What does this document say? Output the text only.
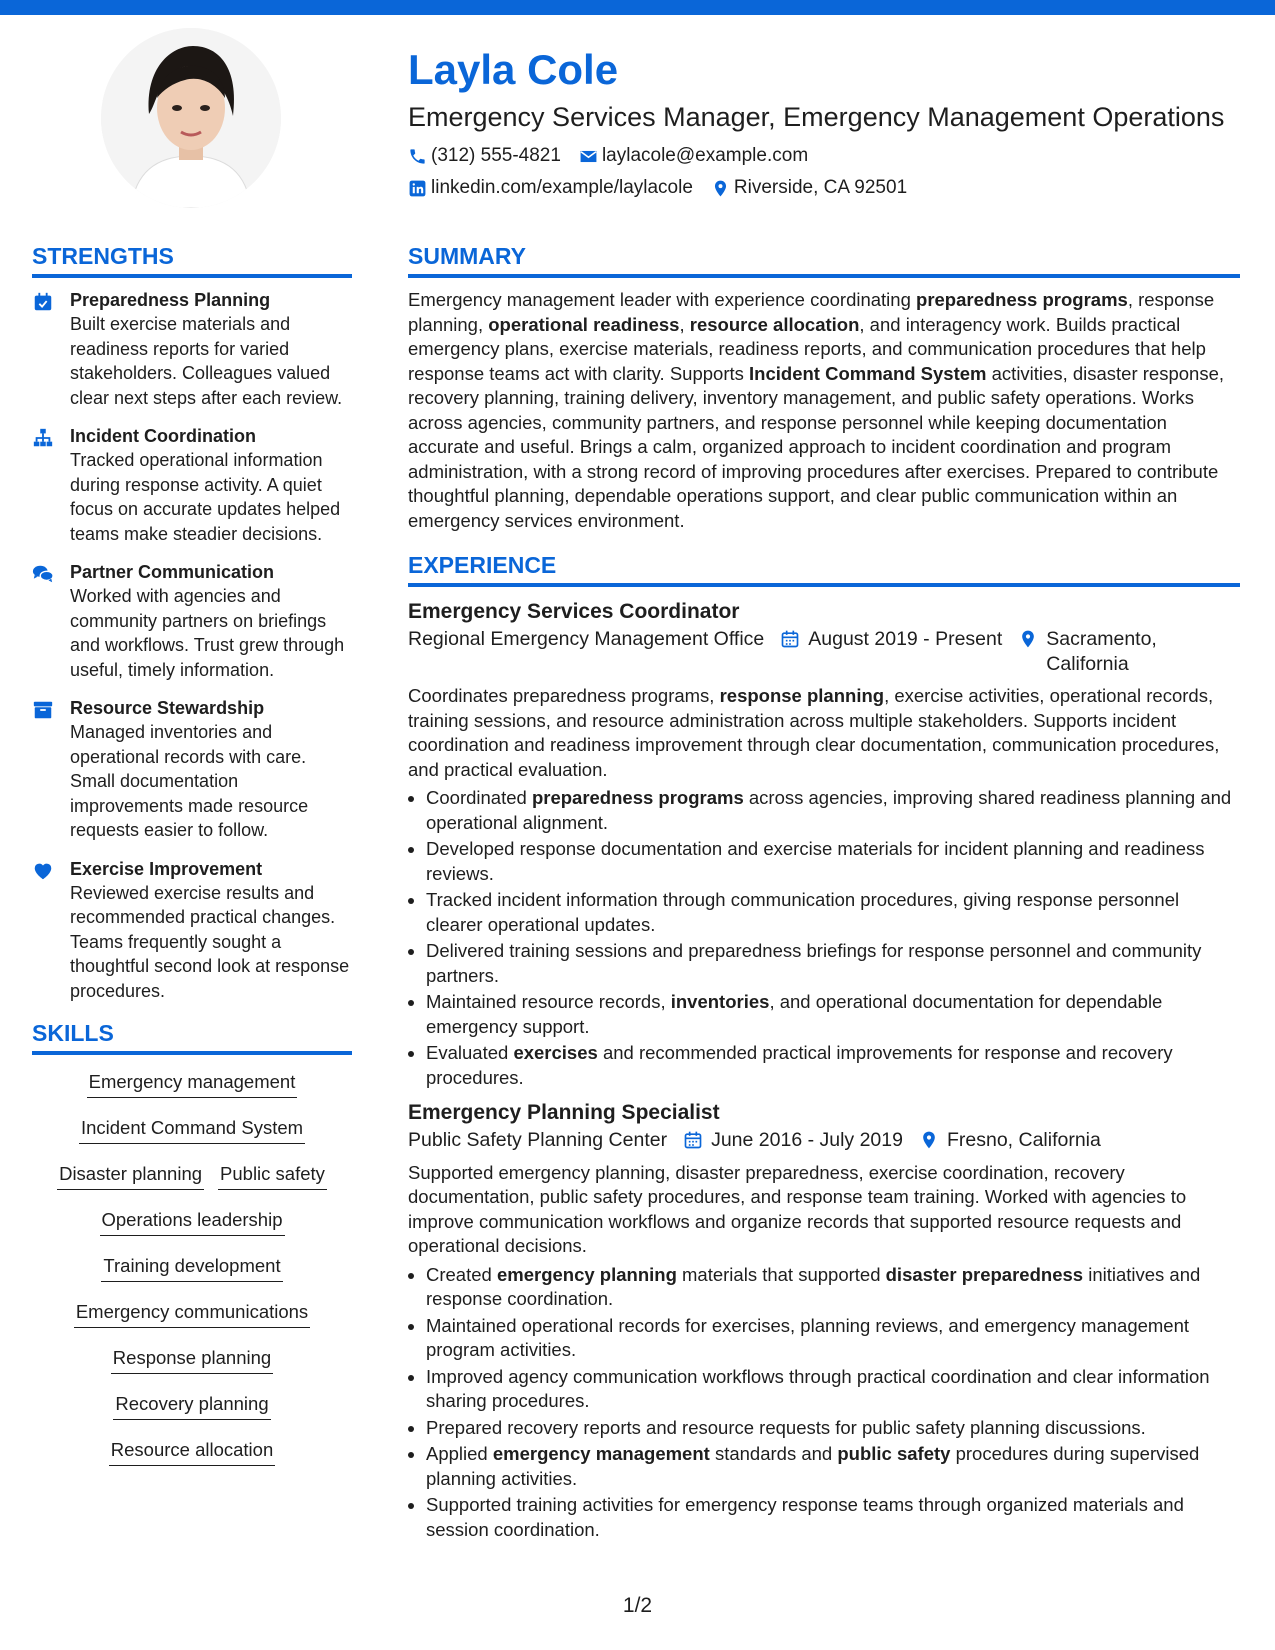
Layla Cole
Emergency Services Manager, Emergency Management Operations
(312) 555-4821 laylacole@example.com
linkedin.com/example/laylacole Riverside, CA 92501
STRENGTHS
Preparedness Planning
Built exercise materials and readiness reports for varied stakeholders. Colleagues valued clear next steps after each review.
Incident Coordination
Tracked operational information during response activity. A quiet focus on accurate updates helped teams make steadier decisions.
Partner Communication
Worked with agencies and community partners on briefings and workflows. Trust grew through useful, timely information.
Resource Stewardship
Managed inventories and operational records with care. Small documentation improvements made resource requests easier to follow.
Exercise Improvement
Reviewed exercise results and recommended practical changes. Teams frequently sought a thoughtful second look at response procedures.
SKILLS
Emergency management
Incident Command System
Disaster planning Public safety
Operations leadership
Training development
Emergency communications
Response planning
Recovery planning
Resource allocation
SUMMARY

Emergency management leader with experience coordinating preparedness programs, response planning, operational readiness, resource allocation, and interagency work. Builds practical emergency plans, exercise materials, readiness reports, and communication procedures that help response teams act with clarity. Supports Incident Command System activities, disaster response, recovery planning, training delivery, inventory management, and public safety operations. Works across agencies, community partners, and response personnel while keeping documentation accurate and useful. Brings a calm, organized approach to incident coordination and program administration, with a strong record of improving procedures after exercises. Prepared to contribute thoughtful planning, dependable operations support, and clear public communication within an emergency services environment.

EXPERIENCE
Emergency Services Coordinator
Regional Emergency Management Office August 2019 - Present Sacramento, California

Coordinates preparedness programs, response planning, exercise activities, operational records, training sessions, and resource administration across multiple stakeholders. Supports incident coordination and readiness improvement through clear documentation, communication procedures, and practical evaluation.

• Coordinated preparedness programs across agencies, improving shared readiness planning and operational alignment.
• Developed response documentation and exercise materials for incident planning and readiness reviews.
• Tracked incident information through communication procedures, giving response personnel clearer operational updates.
• Delivered training sessions and preparedness briefings for response personnel and community partners.
• Maintained resource records, inventories, and operational documentation for dependable emergency support.
• Evaluated exercises and recommended practical improvements for response and recovery procedures.
Emergency Planning Specialist
Public Safety Planning Center June 2016 - July 2019 Fresno, California

Supported emergency planning, disaster preparedness, exercise coordination, recovery documentation, public safety procedures, and response team training. Worked with agencies to improve communication workflows and organize records that supported resource requests and operational decisions.

• Created emergency planning materials that supported disaster preparedness initiatives and response coordination.
• Maintained operational records for exercises, planning reviews, and emergency management program activities.
• Improved agency communication workflows through practical coordination and clear information sharing procedures.
• Prepared recovery reports and resource requests for public safety planning discussions.
• Applied emergency management standards and public safety procedures during supervised planning activities.
• Supported training activities for emergency response teams through organized materials and session coordination.
1/2
